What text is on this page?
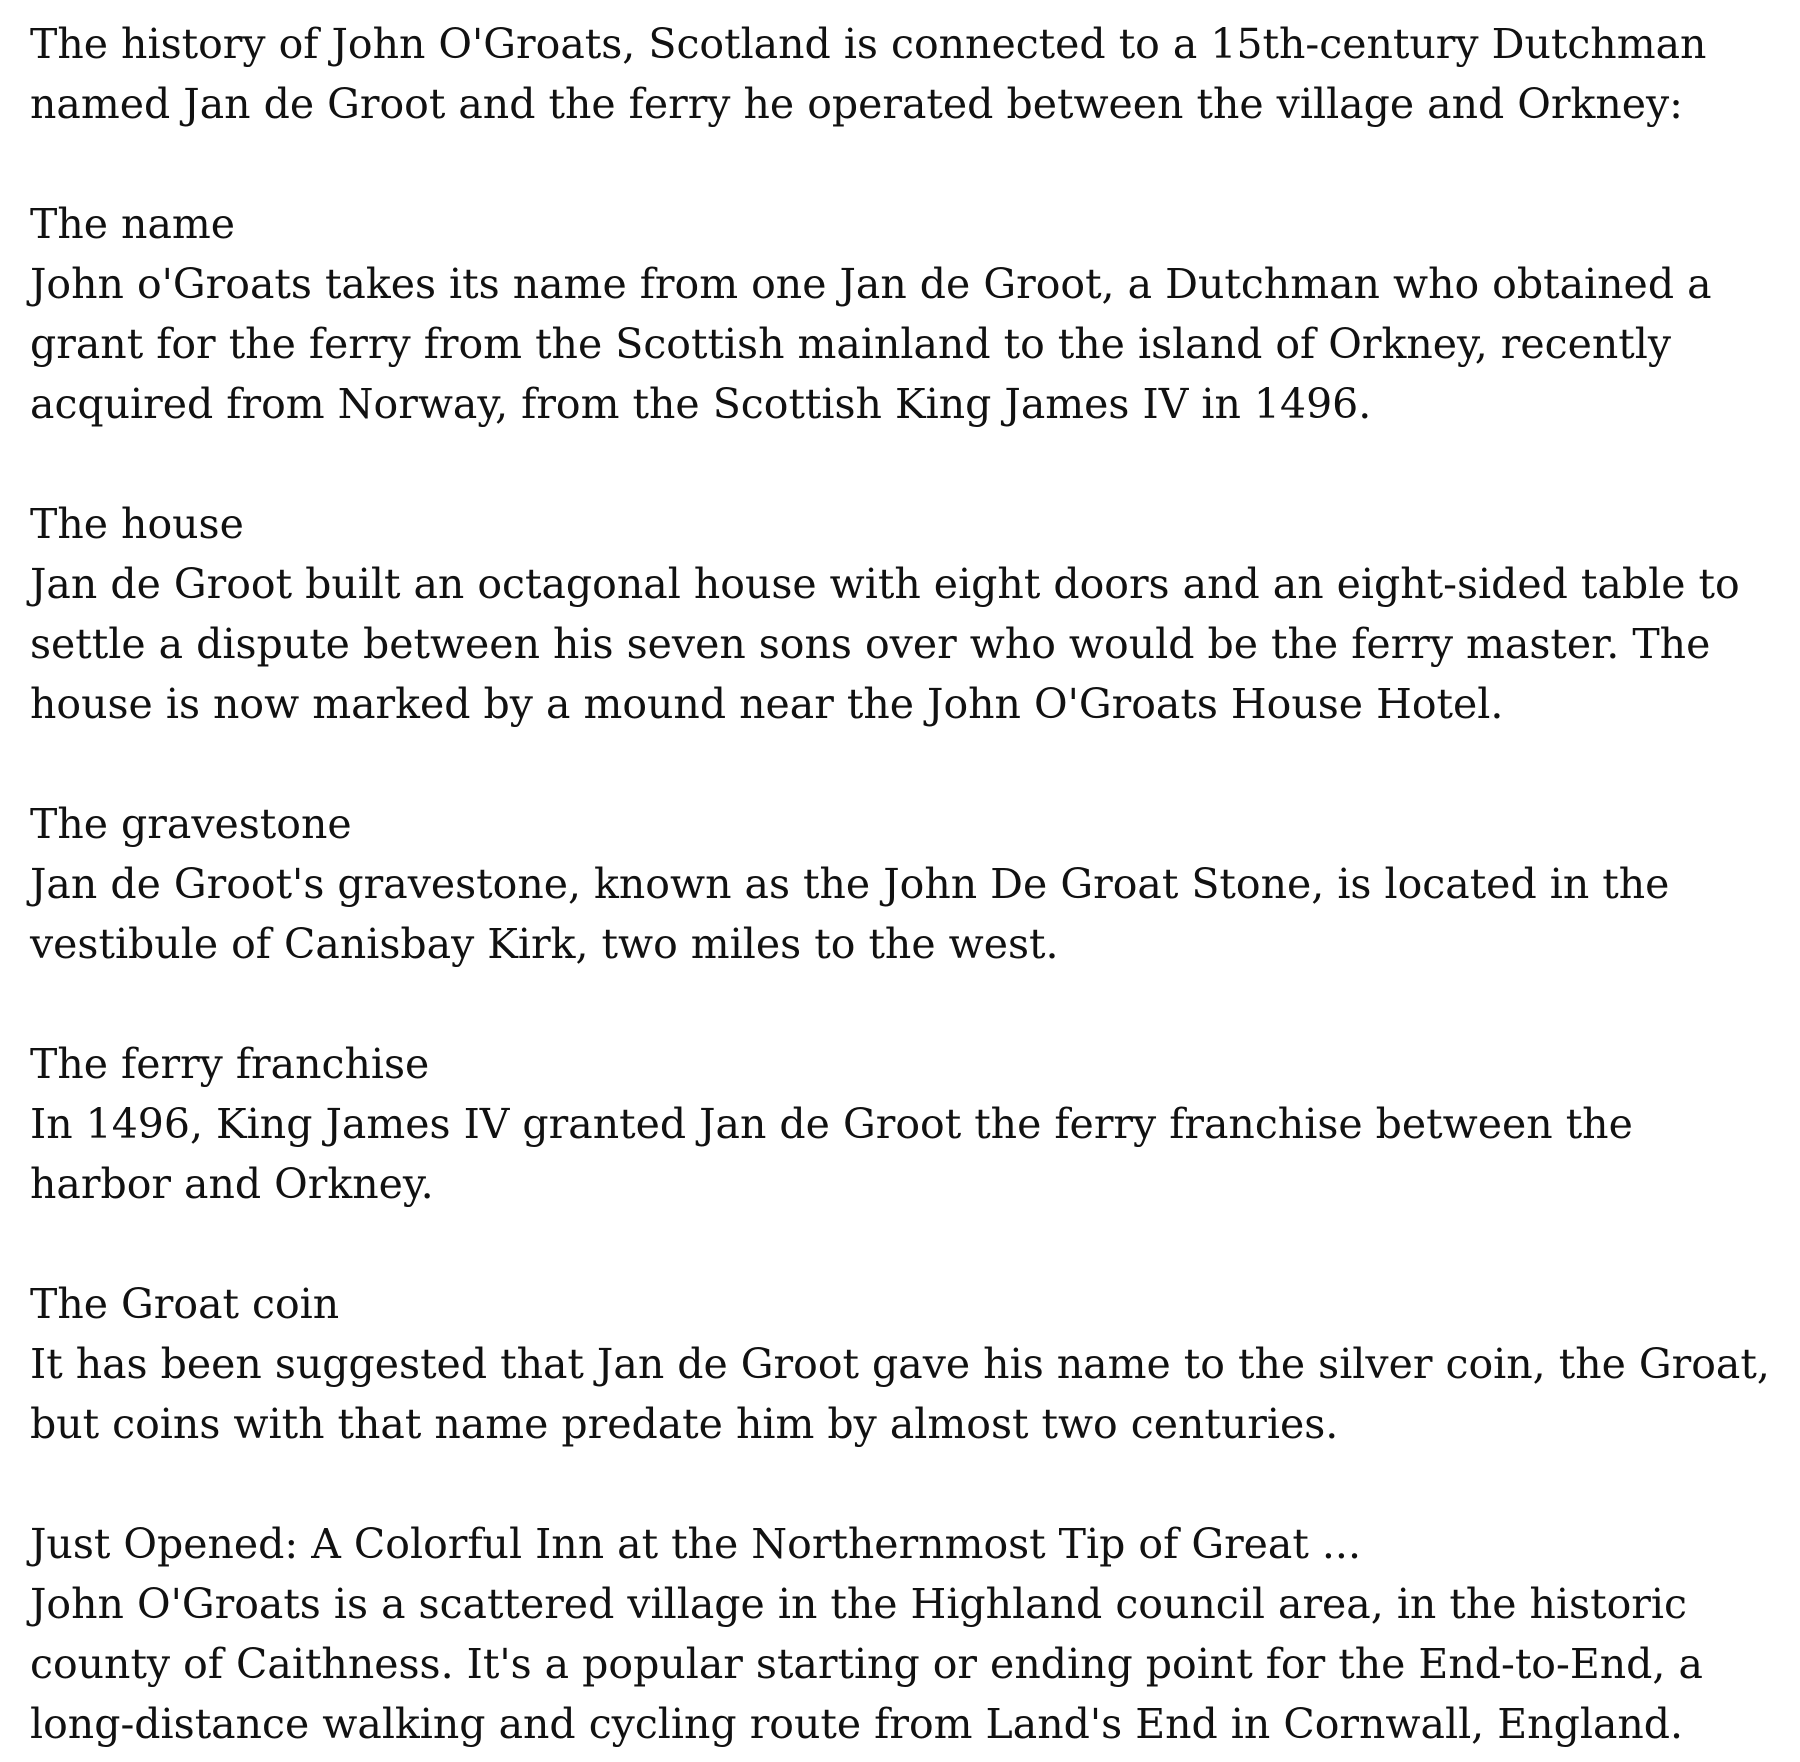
The history of John O'Groats, Scotland is connected to a 15th-century Dutchman named Jan de Groot and the ferry he operated between the village and Orkney:

The name
John o'Groats takes its name from one Jan de Groot, a Dutchman who obtained a grant for the ferry from the Scottish mainland to the island of Orkney, recently acquired from Norway, from the Scottish King James IV in 1496.
The house
Jan de Groot built an octagonal house with eight doors and an eight-sided table to settle a dispute between his seven sons over who would be the ferry master. The house is now marked by a mound near the John O'Groats House Hotel.
The gravestone
Jan de Groot's gravestone, known as the John De Groat Stone, is located in the vestibule of Canisbay Kirk, two miles to the west.
The ferry franchise
In 1496, King James IV granted Jan de Groot the ferry franchise between the harbor and Orkney.
The Groat coin
It has been suggested that Jan de Groot gave his name to the silver coin, the Groat, but coins with that name predate him by almost two centuries.
Just Opened: A Colorful Inn at the Northernmost Tip of Great ...
John O'Groats is a scattered village in the Highland council area, in the historic county of Caithness. It's a popular starting or ending point for the End-to-End, a long-distance walking and cycling route from Land's End in Cornwall, England.
